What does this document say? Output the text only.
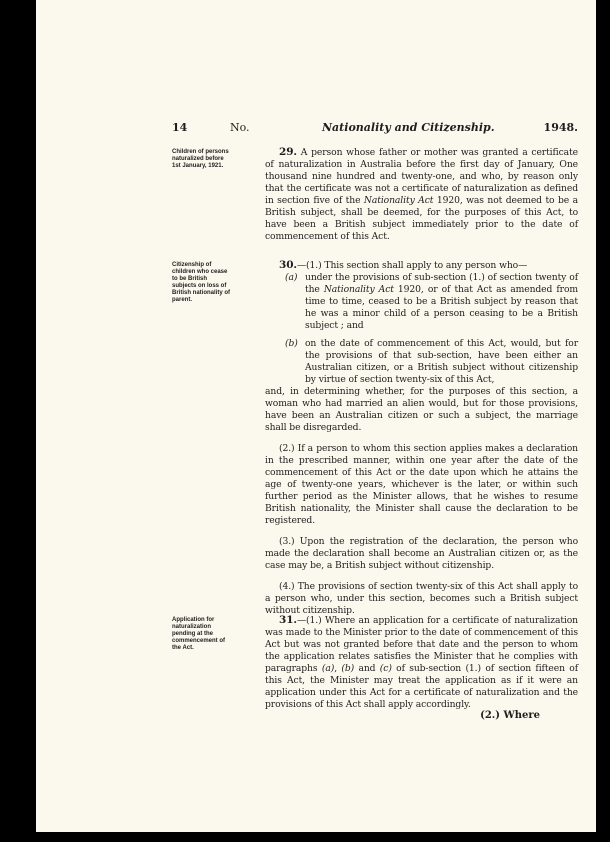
14	No.	Nationality and Citizenship.	1948.
Children of persons naturalized before 1st January, 1921.

29. A person whose father or mother was granted a certificate of naturalization in Australia before the first day of January, One thousand nine hundred and twenty-one, and who, by reason only that the certificate was not a certificate of naturalization as defined in section five of the Nationality Act 1920, was not deemed to be a British subject, shall be deemed, for the purposes of this Act, to have been a British subject immediately prior to the date of commencement of this Act.

Citizenship of children who cease to be British subjects on loss of British nationality of parent.

30.—(1.) This section shall apply to any person who—

(a) under the provisions of sub-section (1.) of section twenty of the Nationality Act 1920, or of that Act as amended from time to time, ceased to be a British subject by reason that he was a minor child of a person ceasing to be a British subject ; and

(b) on the date of commencement of this Act, would, but for the provisions of that sub-section, have been either an Australian citizen, or a British subject without citizenship by virtue of section twenty-six of this Act,

and, in determining whether, for the purposes of this section, a woman who had married an alien would, but for those provisions, have been an Australian citizen or such a subject, the marriage shall be disregarded.

(2.) If a person to whom this section applies makes a declaration in the prescribed manner, within one year after the date of the commencement of this Act or the date upon which he attains the age of twenty-one years, whichever is the later, or within such further period as the Minister allows, that he wishes to resume British nationality, the Minister shall cause the declaration to be registered.

(3.) Upon the registration of the declaration, the person who made the declaration shall become an Australian citizen or, as the case may be, a British subject without citizenship.

(4.) The provisions of section twenty-six of this Act shall apply to a person who, under this section, becomes such a British subject without citizenship.

Application for naturalization pending at the commencement of the Act.

31.—(1.) Where an application for a certificate of naturalization was made to the Minister prior to the date of commencement of this Act but was not granted before that date and the person to whom the application relates satisfies the Minister that he complies with paragraphs (a), (b) and (c) of sub-section (1.) of section fifteen of this Act, the Minister may treat the application as if it were an application under this Act for a certificate of naturalization and the provisions of this Act shall apply accordingly.

(2.) Where
